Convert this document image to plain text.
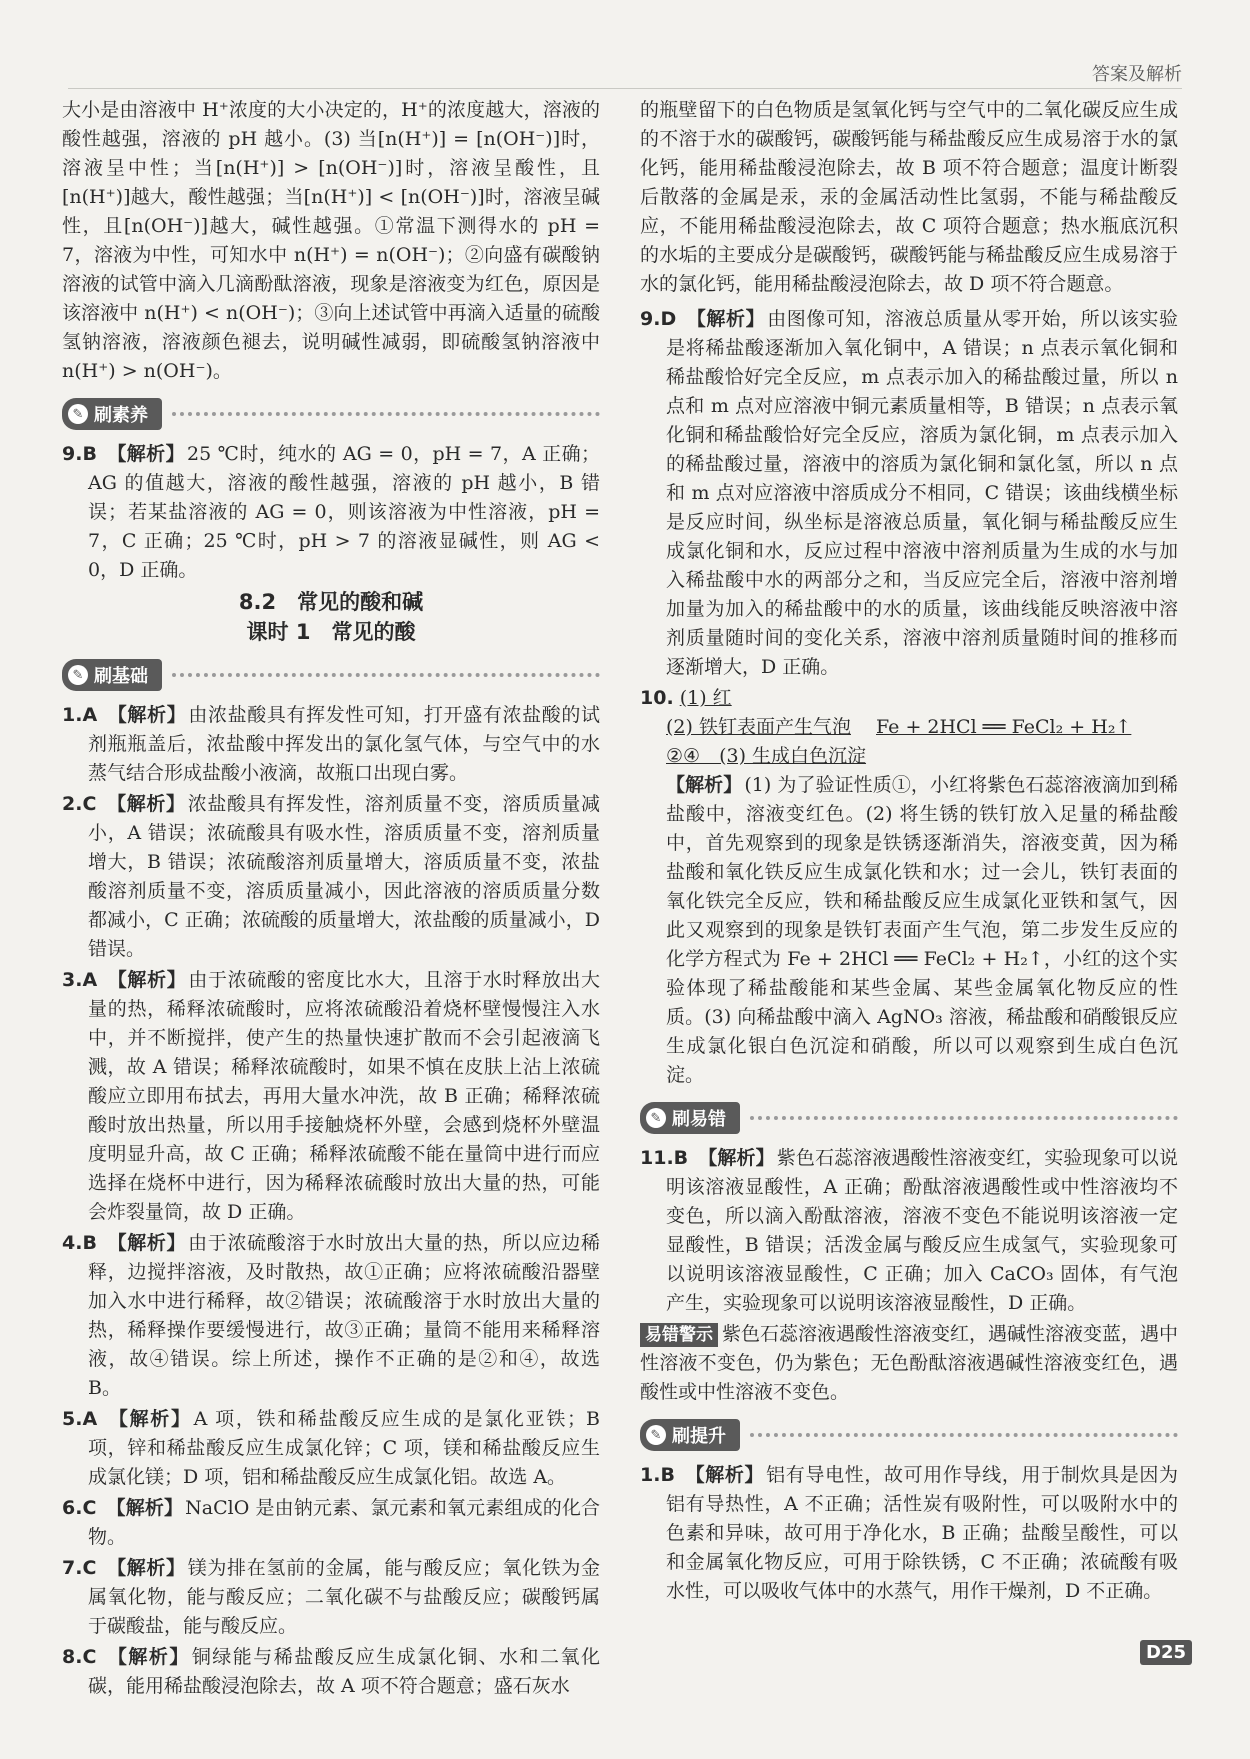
答案及解析

大小是由溶液中 H⁺浓度的大小决定的，H⁺的浓度越大，溶液的酸性越强，溶液的 pH 越小。(3) 当[n(H⁺)] = [n(OH⁻)]时，溶液呈中性；当[n(H⁺)] > [n(OH⁻)]时，溶液呈酸性，且[n(H⁺)]越大，酸性越强；当[n(H⁺)] < [n(OH⁻)]时，溶液呈碱性，且[n(OH⁻)]越大，碱性越强。①常温下测得水的 pH = 7，溶液为中性，可知水中 n(H⁺) = n(OH⁻)；②向盛有碳酸钠溶液的试管中滴入几滴酚酞溶液，现象是溶液变为红色，原因是该溶液中 n(H⁺) < n(OH⁻)；③向上述试管中再滴入适量的硫酸氢钠溶液，溶液颜色褪去，说明碱性减弱，即硫酸氢钠溶液中 n(H⁺) > n(OH⁻)。

✎ 刷素养
9.B 【解析】 25 ℃时，纯水的 AG = 0，pH = 7，A 正确；AG 的值越大，溶液的酸性越强，溶液的 pH 越小，B 错误；若某盐溶液的 AG = 0，则该溶液为中性溶液，pH = 7，C 正确；25 ℃时，pH > 7 的溶液显碱性，则 AG < 0，D 正确。
8.2　常见的酸和碱
课时 1　常见的酸
✎ 刷基础
1.A 【解析】 由浓盐酸具有挥发性可知，打开盛有浓盐酸的试剂瓶瓶盖后，浓盐酸中挥发出的氯化氢气体，与空气中的水蒸气结合形成盐酸小液滴，故瓶口出现白雾。
2.C 【解析】 浓盐酸具有挥发性，溶剂质量不变，溶质质量减小，A 错误；浓硫酸具有吸水性，溶质质量不变，溶剂质量增大，B 错误；浓硫酸溶剂质量增大，溶质质量不变，浓盐酸溶剂质量不变，溶质质量减小，因此溶液的溶质质量分数都减小，C 正确；浓硫酸的质量增大，浓盐酸的质量减小，D 错误。
3.A 【解析】 由于浓硫酸的密度比水大，且溶于水时释放出大量的热，稀释浓硫酸时，应将浓硫酸沿着烧杯壁慢慢注入水中，并不断搅拌，使产生的热量快速扩散而不会引起液滴飞溅，故 A 错误；稀释浓硫酸时，如果不慎在皮肤上沾上浓硫酸应立即用布拭去，再用大量水冲洗，故 B 正确；稀释浓硫酸时放出热量，所以用手接触烧杯外壁，会感到烧杯外壁温度明显升高，故 C 正确；稀释浓硫酸不能在量筒中进行而应选择在烧杯中进行，因为稀释浓硫酸时放出大量的热，可能会炸裂量筒，故 D 正确。
4.B 【解析】 由于浓硫酸溶于水时放出大量的热，所以应边稀释，边搅拌溶液，及时散热，故①正确；应将浓硫酸沿器壁加入水中进行稀释，故②错误；浓硫酸溶于水时放出大量的热，稀释操作要缓慢进行，故③正确；量筒不能用来稀释溶液，故④错误。综上所述，操作不正确的是②和④，故选 B。
5.A 【解析】 A 项，铁和稀盐酸反应生成的是氯化亚铁；B 项，锌和稀盐酸反应生成氯化锌；C 项，镁和稀盐酸反应生成氯化镁；D 项，铝和稀盐酸反应生成氯化铝。故选 A。
6.C 【解析】 NaClO 是由钠元素、氯元素和氧元素组成的化合物。
7.C 【解析】 镁为排在氢前的金属，能与酸反应；氧化铁为金属氧化物，能与酸反应；二氧化碳不与盐酸反应；碳酸钙属于碳酸盐，能与酸反应。
8.C 【解析】 铜绿能与稀盐酸反应生成氯化铜、水和二氧化碳，能用稀盐酸浸泡除去，故 A 项不符合题意；盛石灰水

的瓶壁留下的白色物质是氢氧化钙与空气中的二氧化碳反应生成的不溶于水的碳酸钙，碳酸钙能与稀盐酸反应生成易溶于水的氯化钙，能用稀盐酸浸泡除去，故 B 项不符合题意；温度计断裂后散落的金属是汞，汞的金属活动性比氢弱，不能与稀盐酸反应，不能用稀盐酸浸泡除去，故 C 项符合题意；热水瓶底沉积的水垢的主要成分是碳酸钙，碳酸钙能与稀盐酸反应生成易溶于水的氯化钙，能用稀盐酸浸泡除去，故 D 项不符合题意。

9.D 【解析】 由图像可知，溶液总质量从零开始，所以该实验是将稀盐酸逐渐加入氧化铜中，A 错误；n 点表示氧化铜和稀盐酸恰好完全反应，m 点表示加入的稀盐酸过量，所以 n 点和 m 点对应溶液中铜元素质量相等，B 错误；n 点表示氧化铜和稀盐酸恰好完全反应，溶质为氯化铜，m 点表示加入的稀盐酸过量，溶液中的溶质为氯化铜和氯化氢，所以 n 点和 m 点对应溶液中溶质成分不相同，C 错误；该曲线横坐标是反应时间，纵坐标是溶液总质量，氧化铜与稀盐酸反应生成氯化铜和水，反应过程中溶液中溶剂质量为生成的水与加入稀盐酸中水的两部分之和，当反应完全后，溶液中溶剂增加量为加入的稀盐酸中的水的质量，该曲线能反映溶液中溶剂质量随时间的变化关系，溶液中溶剂质量随时间的推移而逐渐增大，D 正确。
10. (1) 红
(2) 铁钉表面产生气泡　 Fe + 2HCl ══ FeCl₂ + H₂↑
②④　(3) 生成白色沉淀
【解析】 (1) 为了验证性质①，小红将紫色石蕊溶液滴加到稀盐酸中，溶液变红色。(2) 将生锈的铁钉放入足量的稀盐酸中，首先观察到的现象是铁锈逐渐消失，溶液变黄，因为稀盐酸和氧化铁反应生成氯化铁和水；过一会儿，铁钉表面的氧化铁完全反应，铁和稀盐酸反应生成氯化亚铁和氢气，因此又观察到的现象是铁钉表面产生气泡，第二步发生反应的化学方程式为 Fe + 2HCl ══ FeCl₂ + H₂↑，小红的这个实验体现了稀盐酸能和某些金属、某些金属氧化物反应的性质。(3) 向稀盐酸中滴入 AgNO₃ 溶液，稀盐酸和硝酸银反应生成氯化银白色沉淀和硝酸，所以可以观察到生成白色沉淀。
✎ 刷易错
11.B 【解析】 紫色石蕊溶液遇酸性溶液变红，实验现象可以说明该溶液显酸性，A 正确；酚酞溶液遇酸性或中性溶液均不变色，所以滴入酚酞溶液，溶液不变色不能说明该溶液一定显酸性，B 错误；活泼金属与酸反应生成氢气，实验现象可以说明该溶液显酸性，C 正确；加入 CaCO₃ 固体，有气泡产生，实验现象可以说明该溶液显酸性，D 正确。

易错警示 紫色石蕊溶液遇酸性溶液变红，遇碱性溶液变蓝，遇中性溶液不变色，仍为紫色；无色酚酞溶液遇碱性溶液变红色，遇酸性或中性溶液不变色。

✎ 刷提升
1.B 【解析】 铝有导电性，故可用作导线，用于制炊具是因为铝有导热性，A 不正确；活性炭有吸附性，可以吸附水中的色素和异味，故可用于净化水，B 正确；盐酸呈酸性，可以和金属氧化物反应，可用于除铁锈，C 不正确；浓硫酸有吸水性，可以吸收气体中的水蒸气，用作干燥剂，D 不正确。
D25
